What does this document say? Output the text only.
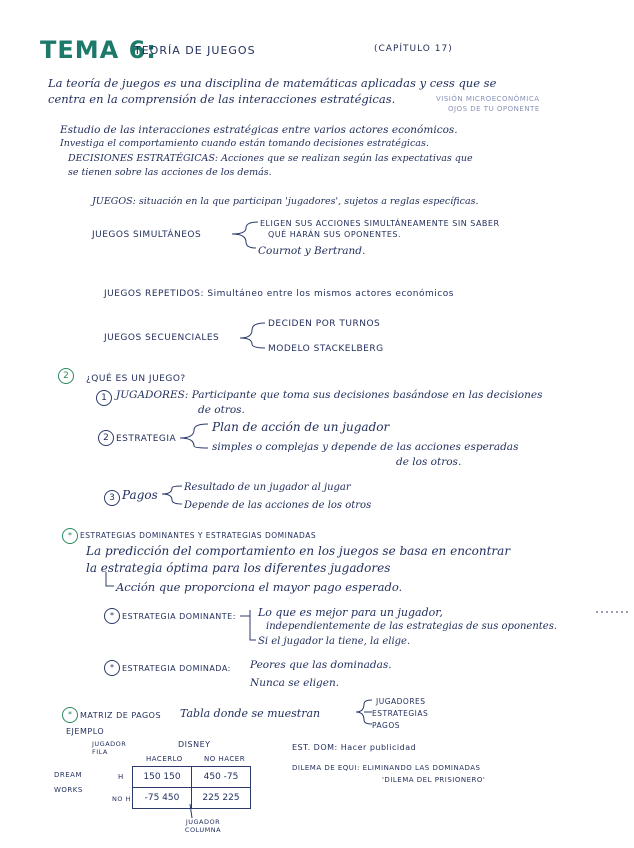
TEMA 6:
TEORÍA DE JUEGOS	(CAPÍTULO 17)
La teoría de juegos es una disciplina de matemáticas aplicadas y cess que se
centra en la comprensión de las interacciones estratégicas.	VISIÓN MICROECONÓMICA
OJOS DE TU OPONENTE
Estudio de las interacciones estratégicas entre varios actores económicos.
Investiga el comportamiento cuando están tomando decisiones estratégicas.
DECISIONES ESTRATÉGICAS: Acciones que se realizan según las expectativas que
se tienen sobre las acciones de los demás.
JUEGOS: situación en la que participan 'jugadores', sujetos a reglas específicas.
JUEGOS SIMULTÁNEOS
ELIGEN SUS ACCIONES SIMULTÁNEAMENTE SIN SABER
QUÉ HARÁN SUS OPONENTES.
Cournot y Bertrand.
JUEGOS REPETIDOS: Simultáneo entre los mismos actores económicos
JUEGOS SECUENCIALES
DECIDEN POR TURNOS
MODELO STACKELBERG
2	¿QUÉ ES UN JUEGO?
1 JUGADORES: Participante que toma sus decisiones basándose en las decisiones
de otros.
2 ESTRATEGIA
Plan de acción de un jugador
simples o complejas y depende de las acciones esperadas
de los otros.
3 Pagos
Resultado de un jugador al jugar
Depende de las acciones de los otros
*	ESTRATEGIAS DOMINANTES Y ESTRATEGIAS DOMINADAS
La predicción del comportamiento en los juegos se basa en encontrar
la estrategia óptima para los diferentes jugadores
Acción que proporciona el mayor pago esperado.
*	ESTRATEGIA DOMINANTE: Lo que es mejor para un jugador,
independientemente de las estrategias de sus oponentes.
Si el jugador la tiene, la elige.
*	ESTRATEGIA DOMINADA: Peores que las dominadas.
Nunca se eligen.
*	MATRIZ DE PAGOS Tabla donde se muestran
JUGADORES
ESTRATEGIAS
PAGOS
EJEMPLO
JUGADOR FILA
DISNEY
HACERLO	NO HACER
DREAM
WORKS
H
NO H
150 150	450 -75
-75 450	225 225
JUGADOR COLUMNA
EST. DOM: Hacer publicidad
DILEMA DE EQUI: ELIMINANDO LAS DOMINADAS
'DILEMA DEL PRISIONERO'
